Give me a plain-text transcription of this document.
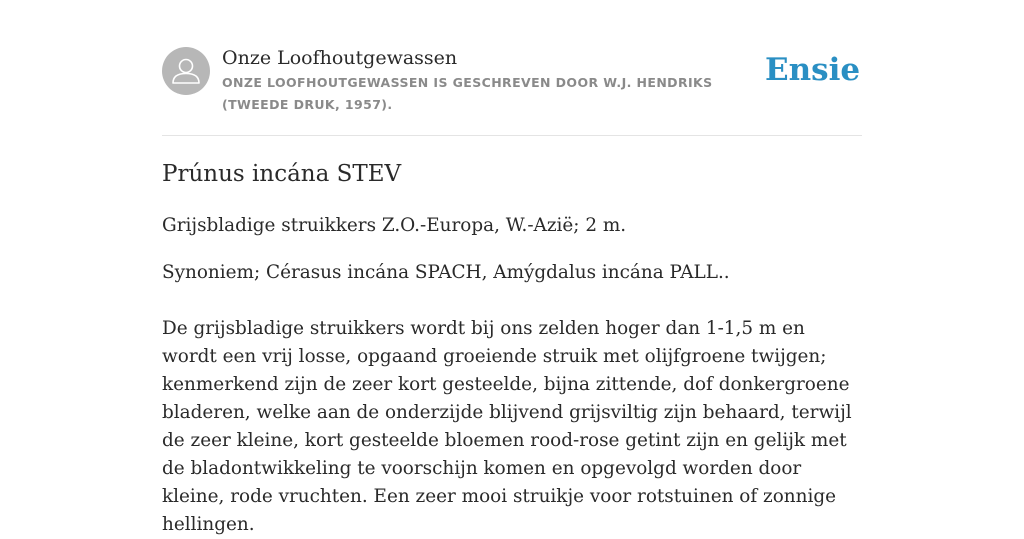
Onze Loofhoutgewassen
ONZE LOOFHOUTGEWASSEN IS GESCHREVEN DOOR W.J. HENDRIKS (TWEEDE DRUK, 1957).
Ensie
Prúnus incána STEV

Grijsbladige struikkers Z.O.-Europa, W.-Azië; 2 m.

Synoniem; Cérasus incána SPACH, Amýgdalus incána PALL..

De grijsbladige struikkers wordt bij ons zelden hoger dan 1-1,5 m en wordt een vrij losse, opgaand groeiende struik met olijfgroene twijgen; kenmerkend zijn de zeer kort gesteelde, bijna zittende, dof donkergroene bladeren, welke aan de onderzijde blijvend grijsviltig zijn behaard, terwijl de zeer kleine, kort gesteelde bloemen rood-rose getint zijn en gelijk met de bladontwikkeling te voorschijn komen en opgevolgd worden door kleine, rode vruchten. Een zeer mooi struikje voor rotstuinen of zonnige hellingen.
